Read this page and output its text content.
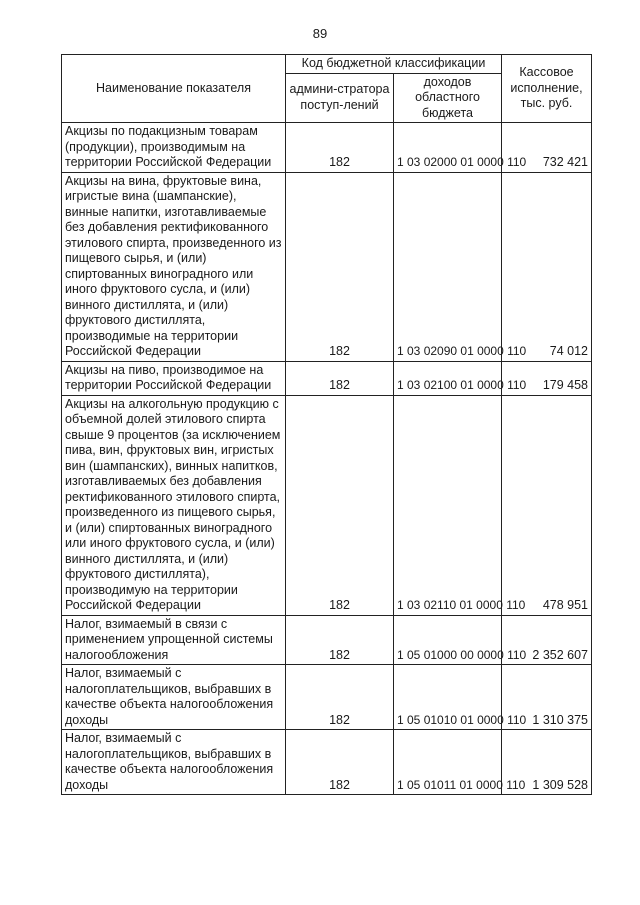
89
Наименование показателя	Код бюджетной классификации		Кассовое исполнение, тыс. руб.
	админи-стратора поступ-лений	доходов областного бюджета	
Акцизы по подакцизным товарам (продукции), производимым на территории Российской Федерации	182	1 03 02000 01 0000 110	732 421
Акцизы на вина, фруктовые вина, игристые вина (шампанские), винные напитки, изготавливаемые без добавления ректификованного этилового спирта, произведенного из пищевого сырья, и (или) спиртованных виноградного или иного фруктового сусла, и (или) винного дистиллята, и (или) фруктового дистиллята, производимые на территории Российской Федерации	182	1 03 02090 01 0000 110	74 012
Акцизы на пиво, производимое на территории Российской Федерации	182	1 03 02100 01 0000 110	179 458
Акцизы на алкогольную продукцию с объемной долей этилового спирта свыше 9 процентов (за исключением пива, вин, фруктовых вин, игристых вин (шампанских), винных напитков, изготавливаемых без добавления ректификованного этилового спирта, произведенного из пищевого сырья, и (или) спиртованных виноградного или иного фруктового сусла, и (или) винного дистиллята, и (или) фруктового дистиллята), производимую на территории Российской Федерации	182	1 03 02110 01 0000 110	478 951
Налог, взимаемый в связи с применением упрощенной системы налогообложения	182	1 05 01000 00 0000 110	2 352 607
Налог, взимаемый с налогоплательщиков, выбравших в качестве объекта налогообложения доходы	182	1 05 01010 01 0000 110	1 310 375
Налог, взимаемый с налогоплательщиков, выбравших в качестве объекта налогообложения доходы	182	1 05 01011 01 0000 110	1 309 528
